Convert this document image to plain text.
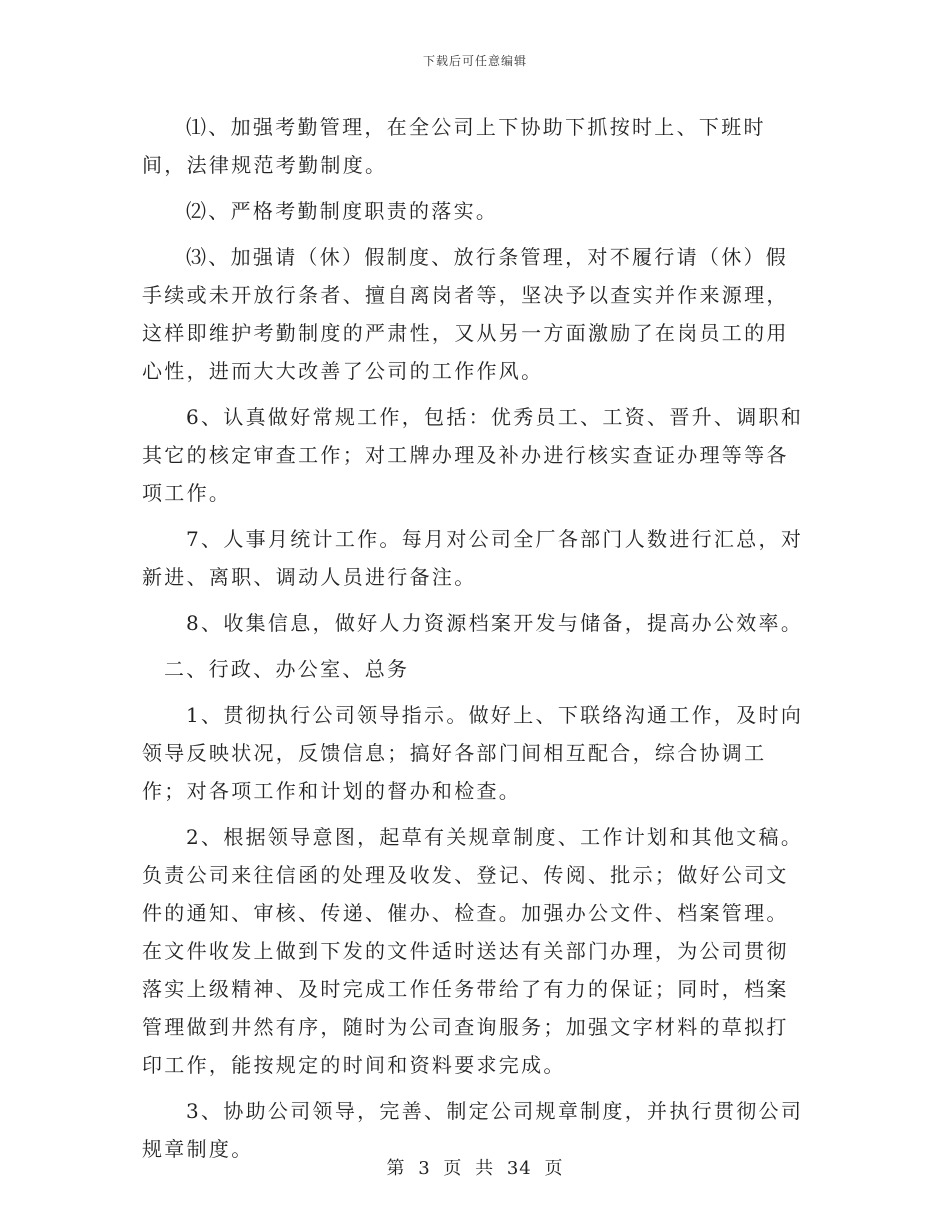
下载后可任意编辑

⑴、加强考勤管理，在全公司上下协助下抓按时上、下班时间，法律规范考勤制度。

⑵、严格考勤制度职责的落实。

⑶、加强请（休）假制度、放行条管理，对不履行请（休）假手续或未开放行条者、擅自离岗者等，坚决予以查实并作来源理，这样即维护考勤制度的严肃性，又从另一方面激励了在岗员工的用心性，进而大大改善了公司的工作作风。

6、认真做好常规工作，包括：优秀员工、工资、晋升、调职和其它的核定审查工作；对工牌办理及补办进行核实查证办理等等各项工作。

7、人事月统计工作。每月对公司全厂各部门人数进行汇总，对新进、离职、调动人员进行备注。

8、收集信息，做好人力资源档案开发与储备，提高办公效率。

二、行政、办公室、总务

1、贯彻执行公司领导指示。做好上、下联络沟通工作，及时向领导反映状况，反馈信息；搞好各部门间相互配合，综合协调工作；对各项工作和计划的督办和检查。

2、根据领导意图，起草有关规章制度、工作计划和其他文稿。负责公司来往信函的处理及收发、登记、传阅、批示；做好公司文件的通知、审核、传递、催办、检查。加强办公文件、档案管理。在文件收发上做到下发的文件适时送达有关部门办理，为公司贯彻落实上级精神、及时完成工作任务带给了有力的保证；同时，档案管理做到井然有序，随时为公司查询服务；加强文字材料的草拟打印工作，能按规定的时间和资料要求完成。

3、协助公司领导，完善、制定公司规章制度，并执行贯彻公司规章制度。

第 3 页 共 34 页
